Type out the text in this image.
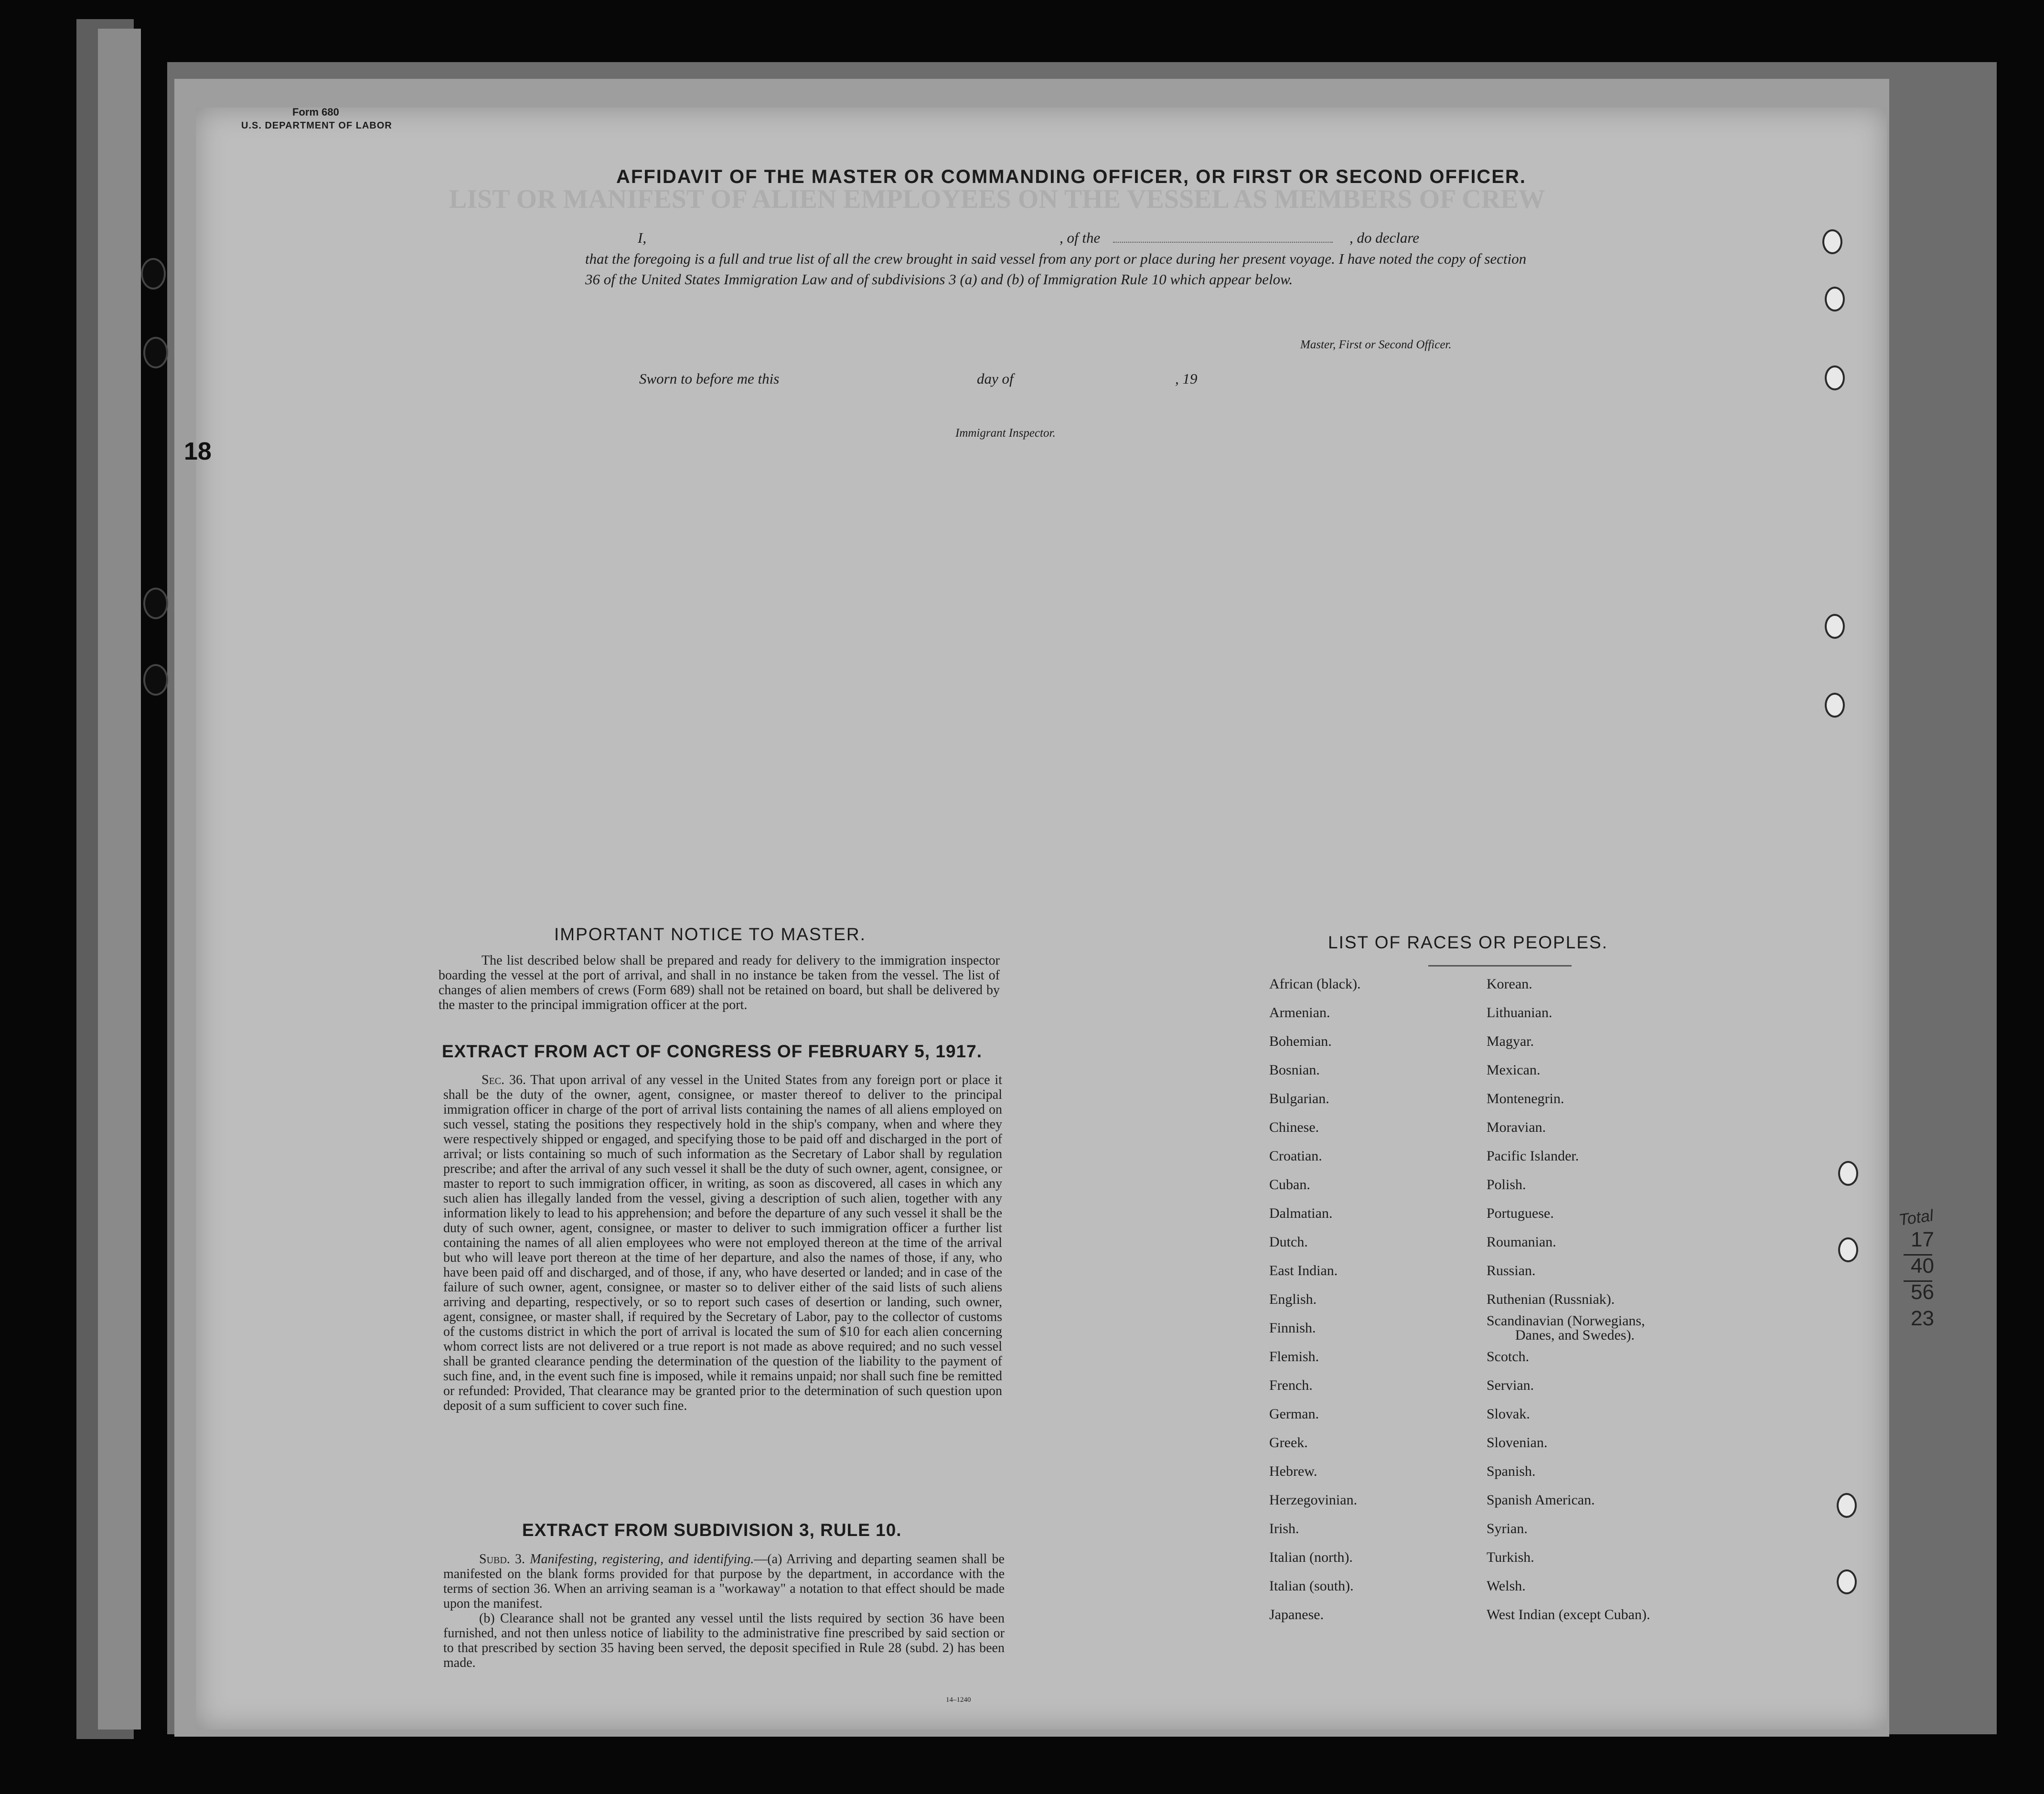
LIST OR MANIFEST OF ALIEN EMPLOYEES ON THE VESSEL AS MEMBERS OF CREW
Form 680
U.S. DEPARTMENT OF LABOR
AFFIDAVIT OF THE MASTER OR COMMANDING OFFICER, OR FIRST OR SECOND OFFICER.
I,	, of the	, do declare
that the foregoing is a full and true list of all the crew brought in said vessel from any port or place during her present voyage. I have noted the copy of section 36 of the United States Immigration Law and of subdivisions 3 (a) and (b) of Immigration Rule 10 which appear below.
Master, First or Second Officer.
Sworn to before me this	day of	, 19
Immigrant Inspector.
IMPORTANT NOTICE TO MASTER.
The list described below shall be prepared and ready for delivery to the immigration inspector boarding the vessel at the port of arrival, and shall in no instance be taken from the vessel. The list of changes of alien members of crews (Form 689) shall not be retained on board, but shall be delivered by the master to the principal immigration officer at the port.
EXTRACT FROM ACT OF CONGRESS OF FEBRUARY 5, 1917.
Sec. 36. That upon arrival of any vessel in the United States from any foreign port or place it shall be the duty of the owner, agent, consignee, or master thereof to deliver to the principal immigration officer in charge of the port of arrival lists containing the names of all aliens employed on such vessel, stating the positions they respectively hold in the ship's company, when and where they were respectively shipped or engaged, and specifying those to be paid off and discharged in the port of arrival; or lists containing so much of such information as the Secretary of Labor shall by regulation prescribe; and after the arrival of any such vessel it shall be the duty of such owner, agent, consignee, or master to report to such immigration officer, in writing, as soon as discovered, all cases in which any such alien has illegally landed from the vessel, giving a description of such alien, together with any information likely to lead to his apprehension; and before the departure of any such vessel it shall be the duty of such owner, agent, consignee, or master to deliver to such immigration officer a further list containing the names of all alien employees who were not employed thereon at the time of the arrival but who will leave port thereon at the time of her departure, and also the names of those, if any, who have been paid off and discharged, and of those, if any, who have deserted or landed; and in case of the failure of such owner, agent, consignee, or master so to deliver either of the said lists of such aliens arriving and departing, respectively, or so to report such cases of desertion or landing, such owner, agent, consignee, or master shall, if required by the Secretary of Labor, pay to the collector of customs of the customs district in which the port of arrival is located the sum of $10 for each alien concerning whom correct lists are not delivered or a true report is not made as above required; and no such vessel shall be granted clearance pending the determination of the question of the liability to the payment of such fine, and, in the event such fine is imposed, while it remains unpaid; nor shall such fine be remitted or refunded: Provided, That clearance may be granted prior to the determination of such question upon deposit of a sum sufficient to cover such fine.
EXTRACT FROM SUBDIVISION 3, RULE 10.

Subd. 3. Manifesting, registering, and identifying.—(a) Arriving and departing seamen shall be manifested on the blank forms provided for that purpose by the department, in accordance with the terms of section 36. When an arriving seaman is a "workaway" a notation to that effect should be made upon the manifest.

(b) Clearance shall not be granted any vessel until the lists required by section 36 have been furnished, and not then unless notice of liability to the administrative fine prescribed by said section or to that prescribed by section 35 having been served, the deposit specified in Rule 28 (subd. 2) has been made.

14–1240
LIST OF RACES OR PEOPLES.
African (black).
Armenian.
Bohemian.
Bosnian.
Bulgarian.
Chinese.
Croatian.
Cuban.
Dalmatian.
Dutch.
East Indian.
English.
Finnish.
Flemish.
French.
German.
Greek.
Hebrew.
Herzegovinian.
Irish.
Italian (north).
Italian (south).
Japanese.
Korean.
Lithuanian.
Magyar.
Mexican.
Montenegrin.
Moravian.
Pacific Islander.
Polish.
Portuguese.
Roumanian.
Russian.
Ruthenian (Russniak).
Scandinavian (Norwegians,
Danes, and Swedes).
Scotch.
Servian.
Slovak.
Slovenian.
Spanish.
Spanish American.
Syrian.
Turkish.
Welsh.
West Indian (except Cuban).
Total
17
40
56
23
18
